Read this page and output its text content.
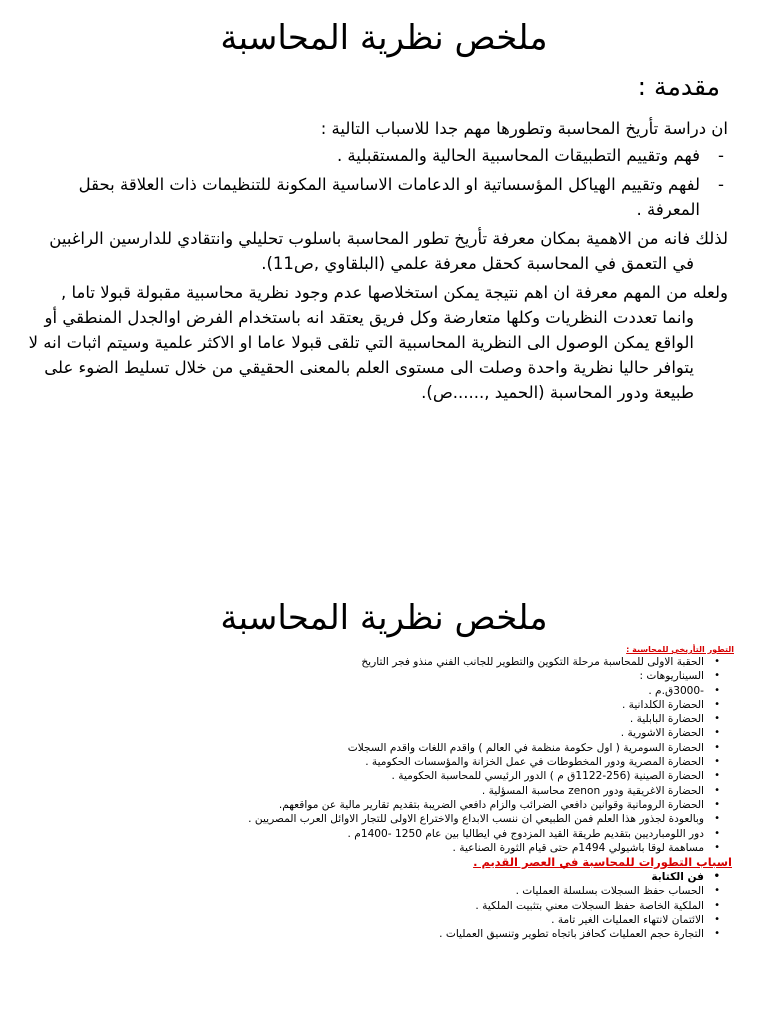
ملخص نظرية المحاسبة
مقدمة :

ان دراسة تأريخ المحاسبة وتطورها مهم جدا للاسباب التالية :

-
فهم وتقييم التطبيقات المحاسبية الحالية والمستقبلية .
-
لفهم وتقييم الهياكل المؤسساتية او الدعامات الاساسية المكونة للتنظيمات ذات العلاقة بحقل المعرفة .

لذلك فانه من الاهمية بمكان معرفة تأريخ تطور المحاسبة باسلوب تحليلي وانتقادي للدارسين الراغبين في التعمق في المحاسبة كحقل معرفة علمي (البلقاوي ,ص11).

ولعله من المهم معرفة ان اهم نتيجة يمكن استخلاصها عدم وجود نظرية محاسبية مقبولة قبولا تاما , وانما تعددت النظريات وكلها متعارضة وكل فريق يعتقد انه باستخدام الفرض اوالجدل المنطقي أو الواقع يمكن الوصول الى النظرية المحاسبية التي تلقى قبولا عاما او الاكثر علمية وسيتم اثبات انه لا يتوافر حاليا نظرية واحدة وصلت الى مستوى العلم بالمعنى الحقيقي من خلال تسليط الضوء على طبيعة ودور المحاسبة (الحميد ,......ص).

ملخص نظرية المحاسبة
التطور التأريخي للمحاسبة :
•
الحقبة الاولى للمحاسبة مرحلة التكوين والتطوير للجانب الفني منذو فجر التاريخ
•
السيناريوهات :
•
-3000ق.م .
•
الحضارة الكلدانية .
•
الحضارة البابلية .
•
الحضارة الاشورية .
•
الحضارة السومرية ( اول حكومة منظمة في العالم ) واقدم اللغات واقدم السجلات
•
الحضارة المصرية ودور المخطوطات في عمل الخزانة والمؤسسات الحكومية .
•
الحضارة الصينية (256-1122ق م ) الدور الرئيسي للمحاسبة الحكومية .
•
الحضارة الاغريقية ودور zenon محاسبة المسؤلية .
•
الحضارة الرومانية وقوانين دافعي الضرائب والزام دافعي الضريبة بتقديم تقارير مالية عن مواقعهم.
•
وبالعودة لجذور هذا العلم فمن الطبيعي ان ننسب الابداع والاختراع الاولى للتجار الاوائل العرب المصريين .
•
دور اللومبارديين بتقديم طريقة القيد المزدوج في ايطاليا بين عام 1250 -1400م .
•
مساهمة لوقا باشيولي 1494م حتى قيام الثورة الصناعية .
اسباب التطورات للمحاسبة في العصر القديم .
•
فن الكتابة
•
الحساب حفظ السجلات بسلسلة العمليات .
•
الملكية الخاصة حفظ السجلات معني بتثبيت الملكية .
•
الائتمان لانتهاء العمليات الغير تامة .
•
التجارة حجم العمليات كحافز باتجاه تطوير وتنسيق العمليات .
